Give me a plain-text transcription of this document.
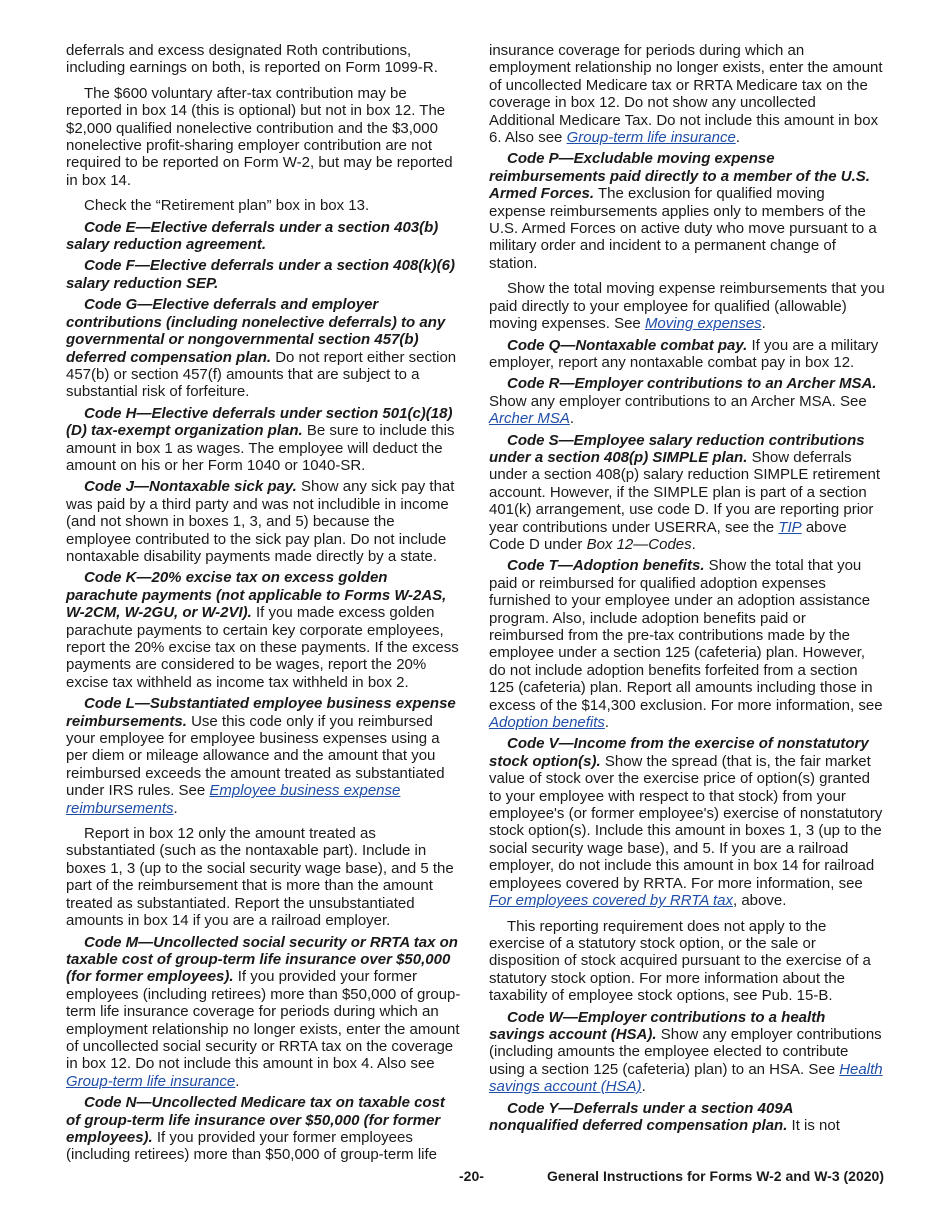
deferrals and excess designated Roth contributions, including earnings on both, is reported on Form 1099-R.

The $600 voluntary after-tax contribution may be reported in box 14 (this is optional) but not in box 12. The $2,000 qualified nonelective contribution and the $3,000 nonelective profit-sharing employer contribution are not required to be reported on Form W-2, but may be reported in box 14.

Check the “Retirement plan” box in box 13.

Code E—Elective deferrals under a section 403(b) salary reduction agreement.

Code F—Elective deferrals under a section 408(k)(6) salary reduction SEP.

Code G—Elective deferrals and employer contributions (including nonelective deferrals) to any governmental or nongovernmental section 457(b) deferred compensation plan. Do not report either section 457(b) or section 457(f) amounts that are subject to a substantial risk of forfeiture.

Code H—Elective deferrals under section 501(c)(18)(D) tax-exempt organization plan. Be sure to include this amount in box 1 as wages. The employee will deduct the amount on his or her Form 1040 or 1040-SR.

Code J—Nontaxable sick pay. Show any sick pay that was paid by a third party and was not includible in income (and not shown in boxes 1, 3, and 5) because the employee contributed to the sick pay plan. Do not include nontaxable disability payments made directly by a state.

Code K—20% excise tax on excess golden parachute payments (not applicable to Forms W-2AS, W-2CM, W-2GU, or W-2VI). If you made excess golden parachute payments to certain key corporate employees, report the 20% excise tax on these payments. If the excess payments are considered to be wages, report the 20% excise tax withheld as income tax withheld in box 2.

Code L—Substantiated employee business expense reimbursements. Use this code only if you reimbursed your employee for employee business expenses using a per diem or mileage allowance and the amount that you reimbursed exceeds the amount treated as substantiated under IRS rules. See Employee business expense reimbursements.

Report in box 12 only the amount treated as substantiated (such as the nontaxable part). Include in boxes 1, 3 (up to the social security wage base), and 5 the part of the reimbursement that is more than the amount treated as substantiated. Report the unsubstantiated amounts in box 14 if you are a railroad employer.

Code M—Uncollected social security or RRTA tax on taxable cost of group-term life insurance over $50,000 (for former employees). If you provided your former employees (including retirees) more than $50,000 of group-term life insurance coverage for periods during which an employment relationship no longer exists, enter the amount of uncollected social security or RRTA tax on the coverage in box 12. Do not include this amount in box 4. Also see Group-term life insurance.

Code N—Uncollected Medicare tax on taxable cost of group-term life insurance over $50,000 (for former employees). If you provided your former employees (including retirees) more than $50,000 of group-term life

insurance coverage for periods during which an employment relationship no longer exists, enter the amount of uncollected Medicare tax or RRTA Medicare tax on the coverage in box 12. Do not show any uncollected Additional Medicare Tax. Do not include this amount in box 6. Also see Group-term life insurance.

Code P—Excludable moving expense reimbursements paid directly to a member of the U.S. Armed Forces. The exclusion for qualified moving expense reimbursements applies only to members of the U.S. Armed Forces on active duty who move pursuant to a military order and incident to a permanent change of station.

Show the total moving expense reimbursements that you paid directly to your employee for qualified (allowable) moving expenses. See Moving expenses.

Code Q—Nontaxable combat pay. If you are a military employer, report any nontaxable combat pay in box 12.

Code R—Employer contributions to an Archer MSA. Show any employer contributions to an Archer MSA. See Archer MSA.

Code S—Employee salary reduction contributions under a section 408(p) SIMPLE plan. Show deferrals under a section 408(p) salary reduction SIMPLE retirement account. However, if the SIMPLE plan is part of a section 401(k) arrangement, use code D. If you are reporting prior year contributions under USERRA, see the TIP above Code D under Box 12—Codes.

Code T—Adoption benefits. Show the total that you paid or reimbursed for qualified adoption expenses furnished to your employee under an adoption assistance program. Also, include adoption benefits paid or reimbursed from the pre-tax contributions made by the employee under a section 125 (cafeteria) plan. However, do not include adoption benefits forfeited from a section 125 (cafeteria) plan. Report all amounts including those in excess of the $14,300 exclusion. For more information, see Adoption benefits.

Code V—Income from the exercise of nonstatutory stock option(s). Show the spread (that is, the fair market value of stock over the exercise price of option(s) granted to your employee with respect to that stock) from your employee's (or former employee's) exercise of nonstatutory stock option(s). Include this amount in boxes 1, 3 (up to the social security wage base), and 5. If you are a railroad employer, do not include this amount in box 14 for railroad employees covered by RRTA. For more information, see For employees covered by RRTA tax, above.

This reporting requirement does not apply to the exercise of a statutory stock option, or the sale or disposition of stock acquired pursuant to the exercise of a statutory stock option. For more information about the taxability of employee stock options, see Pub. 15-B.

Code W—Employer contributions to a health savings account (HSA). Show any employer contributions (including amounts the employee elected to contribute using a section 125 (cafeteria) plan) to an HSA. See Health savings account (HSA).

Code Y—Deferrals under a section 409A nonqualified deferred compensation plan. It is not

-20-	General Instructions for Forms W-2 and W-3 (2020)
